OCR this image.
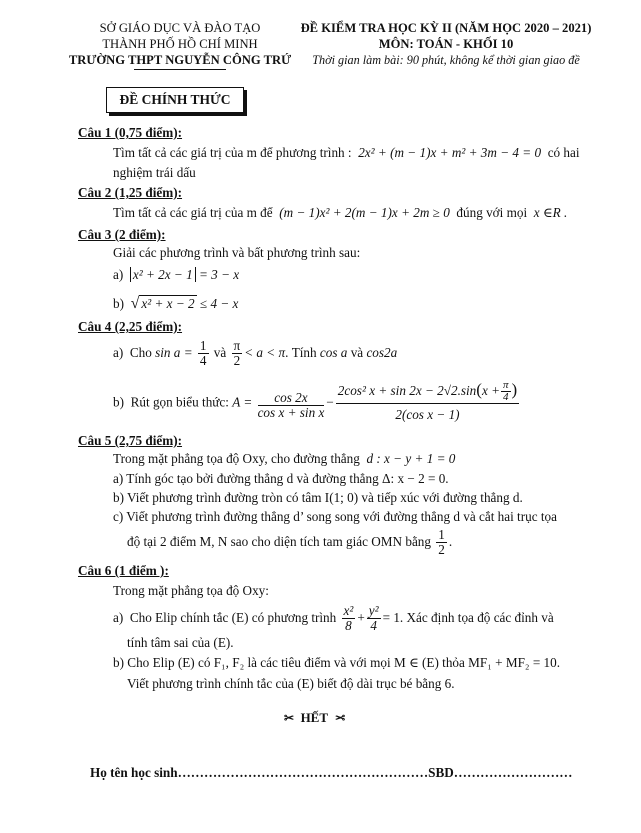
SỞ GIÁO DỤC VÀ ĐÀO TẠO
THÀNH PHỐ HỒ CHÍ MINH
TRƯỜNG THPT NGUYỄN CÔNG TRỨ
ĐỀ KIỂM TRA HỌC KỲ II (NĂM HỌC 2020 – 2021)
MÔN: TOÁN - KHỐI 10
Thời gian làm bài: 90 phút, không kể thời gian giao đề
ĐỀ CHÍNH THỨC
Câu 1 (0,75 điểm):
Tìm tất cả các giá trị của m để phương trình : 2x² + (m − 1)x + m² + 3m − 4 = 0 có hai
nghiệm trái dấu
Câu 2 (1,25 điểm):
Tìm tất cả các giá trị của m để (m − 1)x² + 2(m − 1)x + 2m ≥ 0 đúng với mọi x ∈R .
Câu 3 (2 điểm):
Giải các phương trình và bất phương trình sau:
a) x² + 2x − 1 = 3 − x
b) √ x² + x − 2 ≤ 4 − x
Câu 4 (2,25 điểm):
a) Cho $\sin a = \frac{1}{4}$ và $\frac{\pi}{2} < a < \pi$. Tính cos a và cos2a
b) Rút gọn biểu thức: $A = \frac{\cos 2x}{\text{cos x + sin x}} - \frac{2\cos^2 x + \sin 2x - 2√2.\sin(x + \frac{\pi}{4} )}{\text{2(cos x − 1)}}$
Câu 5 (2,75 điểm):
Trong mặt phẳng tọa độ Oxy, cho đường thẳng d : x − y + 1 = 0
a) Tính góc tạo bởi đường thẳng d và đường thẳng Δ: x − 2 = 0.
b) Viết phương trình đường tròn có tâm I(1; 0) và tiếp xúc với đường thẳng d.
c) Viết phương trình đường thẳng d’ song song với đường thẳng d và cắt hai trục tọa
độ tại 2 điểm M, N sao cho diện tích tam giác OMN bằng $\frac{1}{2}$ .
Câu 6 (1 điểm ):
Trong mặt phẳng tọa độ Oxy:
a) Cho Elip chính tắc (E) có phương trình $\frac{\text{x²}}{8} + \frac{\text{y²}}{4} = 1$. Xác định tọa độ các đỉnh và
tính tâm sai của (E).
b) Cho Elip (E) có F₁, F₂ là các tiêu điểm và với mọi M ∈ (E) thỏa MF₁ + MF₂ = 10.
Viết phương trình chính tắc của (E) biết độ dài trục bé bằng 6.
✂ HẾT ✂
Họ tên học sinh…………………………………………………SBD………………………
